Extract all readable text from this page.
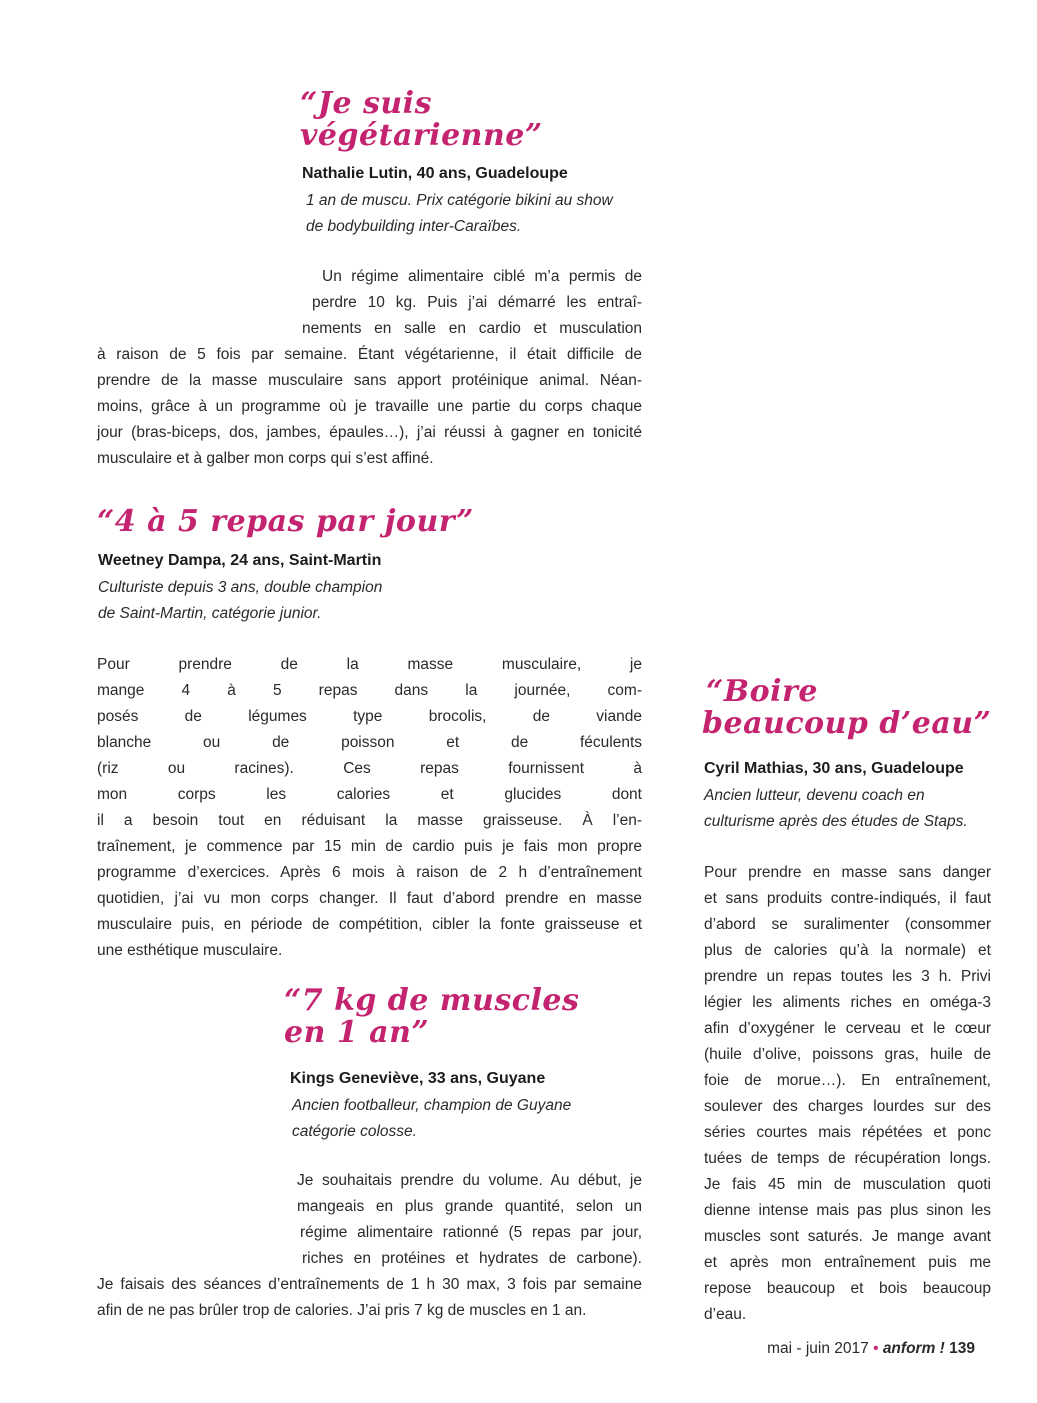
“Je suis
végétarienne”
Nathalie Lutin, 40 ans, Guadeloupe
1 an de muscu. Prix catégorie bikini au show
de bodybuilding inter-Caraïbes.
Un régime alimentaire ciblé m’a permis de
perdre 10 kg. Puis j’ai démarré les entraî-
nements en salle en cardio et musculation
à raison de 5 fois par semaine. Étant végétarienne, il était difficile de
prendre de la masse musculaire sans apport protéinique animal. Néan-
moins, grâce à un programme où je travaille une partie du corps chaque
jour (bras-biceps, dos, jambes, épaules…), j’ai réussi à gagner en tonicité
musculaire et à galber mon corps qui s’est affiné.
“4 à 5 repas par jour”
Weetney Dampa, 24 ans, Saint-Martin
Culturiste depuis 3 ans, double champion
de Saint-Martin, catégorie junior.
Pour prendre de la masse musculaire, je
mange 4 à 5 repas dans la journée, com-
posés de légumes type brocolis, de viande
blanche ou de poisson et de féculents
(riz ou racines). Ces repas fournissent à
mon corps les calories et glucides dont
il a besoin tout en réduisant la masse graisseuse. À l’en-
traînement, je commence par 15 min de cardio puis je fais mon propre
programme d’exercices. Après 6 mois à raison de 2 h d’entraînement
quotidien, j’ai vu mon corps changer. Il faut d’abord prendre en masse
musculaire puis, en période de compétition, cibler la fonte graisseuse et
une esthétique musculaire.
“7 kg de muscles
en 1 an”
Kings Geneviève, 33 ans, Guyane
Ancien footballeur, champion de Guyane
catégorie colosse.
Je souhaitais prendre du volume. Au début, je
mangeais en plus grande quantité, selon un
régime alimentaire rationné (5 repas par jour,
riches en protéines et hydrates de carbone).
Je faisais des séances d’entraînements de 1 h 30 max, 3 fois par semaine
afin de ne pas brûler trop de calories. J’ai pris 7 kg de muscles en 1 an.
“Boire
beaucoup d’eau”
Cyril Mathias, 30 ans, Guadeloupe
Ancien lutteur, devenu coach en
culturisme après des études de Staps.
Pour prendre en masse sans danger
et sans produits contre-indiqués, il faut
d’abord se suralimenter (consommer
plus de calories qu’à la normale) et
prendre un repas toutes les 3 h. Privi
légier les aliments riches en oméga-3
afin d’oxygéner le cerveau et le cœur
(huile d’olive, poissons gras, huile de
foie de morue…). En entraînement,
soulever des charges lourdes sur des
séries courtes mais répétées et ponc
tuées de temps de récupération longs.
Je fais 45 min de musculation quoti
dienne intense mais pas plus sinon les
muscles sont saturés. Je mange avant
et après mon entraînement puis me
repose beaucoup et bois beaucoup
d’eau.
mai - juin 2017 • anform ! 139
